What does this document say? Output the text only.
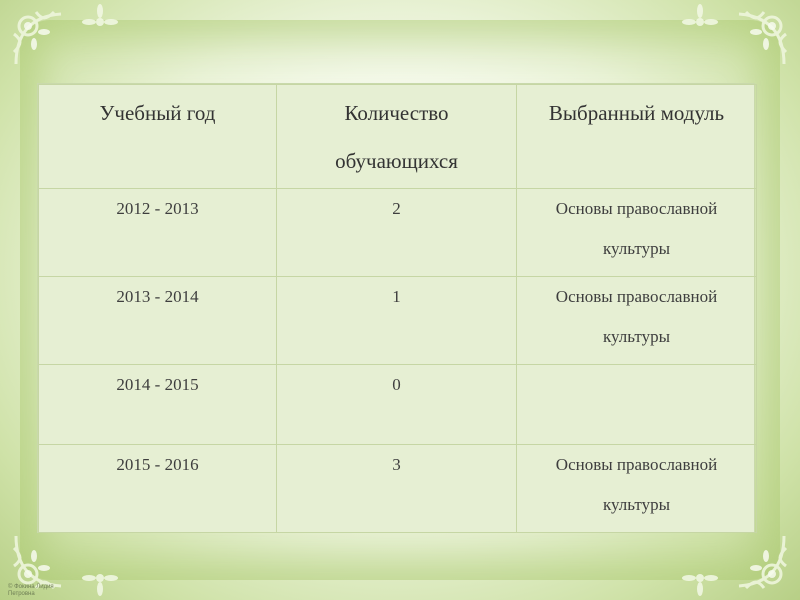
Учебный год	Количество обучающихся	Выбранный модуль
2012 - 2013	2	Основы православной культуры
2013 - 2014	1	Основы православной культуры
2014 - 2015	0	
2015 - 2016	3	Основы православной культуры
© Фокина Лидия Петровна
